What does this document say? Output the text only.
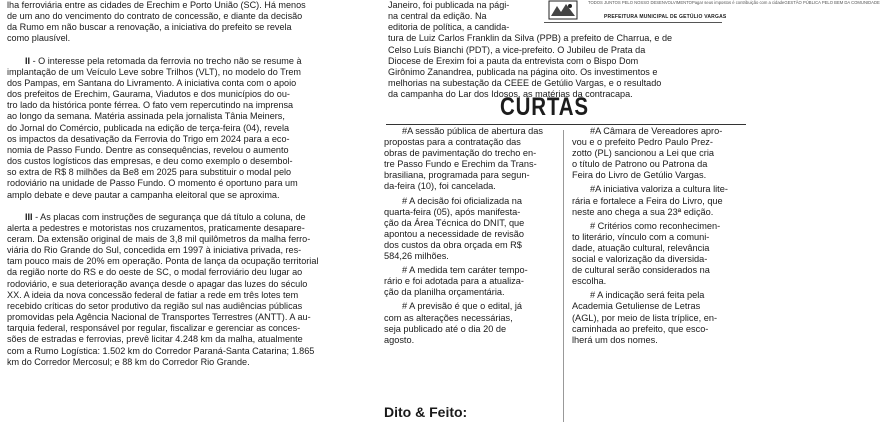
lha ferroviária entre as cidades de Erechim e Porto União (SC). Há menos
de um ano do vencimento do contrato de concessão, e diante da decisão
da Rumo em não buscar a renovação, a iniciativa do prefeito se revela
como plausível.

II - O interesse pela retomada da ferrovia no trecho não se resume à
implantação de um Veículo Leve sobre Trilhos (VLT), no modelo do Trem
dos Pampas, em Santana do Livramento. A iniciativa conta com o apoio
dos prefeitos de Erechim, Gaurama, Viadutos e dos municípios do ou-
tro lado da histórica ponte férrea. O fato vem repercutindo na imprensa
ao longo da semana. Matéria assinada pela jornalista Tânia Meiners,
do Jornal do Comércio, publicada na edição de terça-feira (04), revela
os impactos da desativação da Ferrovia do Trigo em 2024 para a eco-
nomia de Passo Fundo. Dentre as consequências, revelou o aumento
dos custos logísticos das empresas, e deu como exemplo o desembol-
so extra de R$ 8 milhões da Be8 em 2025 para substituir o modal pelo
rodoviário na unidade de Passo Fundo. O momento é oportuno para um
amplo debate e deve pautar a campanha eleitoral que se aproxima.

III - As placas com instruções de segurança que dá título a coluna, de
alerta a pedestres e motoristas nos cruzamentos, praticamente desapare-
ceram. Da extensão original de mais de 3,8 mil quilômetros da malha ferro-
viária do Rio Grande do Sul, concedida em 1997 à iniciativa privada, res-
tam pouco mais de 20% em operação. Ponta de lança da ocupação territorial
da região norte do RS e do oeste de SC, o modal ferroviário deu lugar ao
rodoviário, e sua deterioração avança desde o apagar das luzes do século
XX. A ideia da nova concessão federal de fatiar a rede em três lotes tem
recebido críticas do setor produtivo da região sul nas audiências públicas
promovidas pela Agência Nacional de Transportes Terrestres (ANTT). A au-
tarquia federal, responsável por regular, fiscalizar e gerenciar as conces-
sões de estradas e ferrovias, prevê licitar 4.248 km da malha, atualmente
com a Rumo Logística: 1.502 km do Corredor Paraná-Santa Catarina; 1.865
km do Corredor Mercosul; e 88 km do Corredor Rio Grande.

Janeiro, foi publicada na pági-
na central da edição. Na
editoria de política, a candida-
tura de Luiz Carlos Franklin da Silva (PPB) a prefeito de Charrua, e de
Celso Luís Bianchi (PDT), a vice-prefeito. O Jubileu de Prata da
Diocese de Erexim foi a pauta da entrevista com o Bispo Dom
Girônimo Zanandrea, publicada na página oito. Os investimentos e
melhorias na subestação da CEEE de Getúlio Vargas, e o resultado
da campanha do Lar dos Idosos, as matérias da contracapa.
TODOS JUNTOS PELO NOSSO DESENVOLVIMENTOPagar seus impostos é contribuição com a cidadeGESTÃO PÚBLICA PELO BEM DA COMUNIDADE
PREFEITURA MUNICIPAL DE GETÚLIO VARGAS
CURTAS

#A sessão pública de abertura das
propostas para a contratação das
obras de pavimentação do trecho en-
tre Passo Fundo e Erechim da Trans-
brasiliana, programada para segun-
da-feira (10), foi cancelada.

# A decisão foi oficializada na
quarta-feira (05), após manifesta-
ção da Área Técnica do DNIT, que
apontou a necessidade de revisão
dos custos da obra orçada em R$
584,26 milhões.

# A medida tem caráter tempo-
rário e foi adotada para a atualiza-
ção da planilha orçamentária.

# A previsão é que o edital, já
com as alterações necessárias,
seja publicado até o dia 20 de
agosto.

#A Câmara de Vereadores apro-
vou e o prefeito Pedro Paulo Prez-
zotto (PL) sancionou a Lei que cria
o título de Patrono ou Patrona da
Feira do Livro de Getúlio Vargas.

#A iniciativa valoriza a cultura lite-
rária e fortalece a Feira do Livro, que
neste ano chega a sua 23ª edição.

# Critérios como reconhecimen-
to literário, vínculo com a comuni-
dade, atuação cultural, relevância
social e valorização da diversida-
de cultural serão considerados na
escolha.

# A indicação será feita pela
Academia Getuliense de Letras
(AGL), por meio de lista tríplice, en-
caminhada ao prefeito, que esco-
lherá um dos nomes.

Dito & Feito:
